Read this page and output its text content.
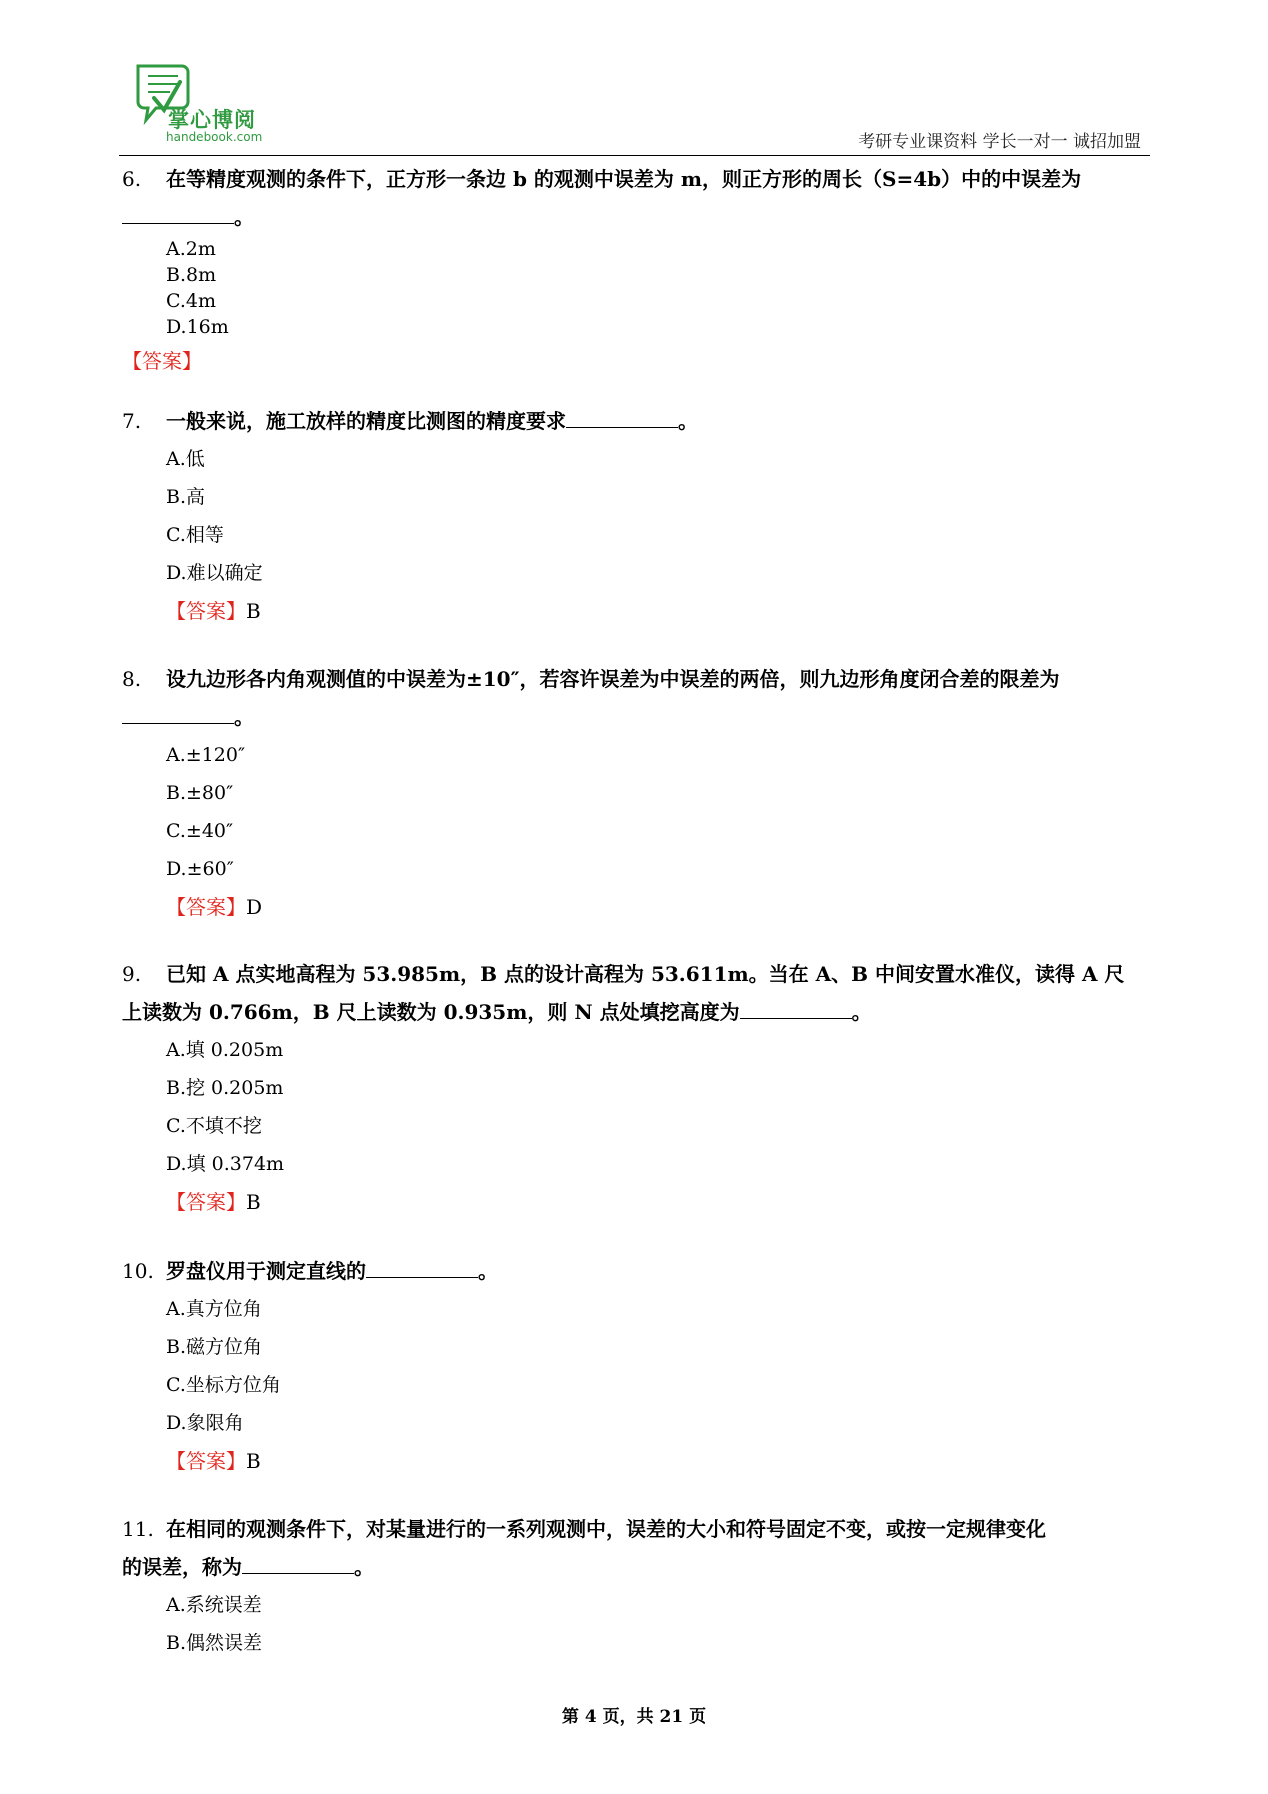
掌心博阅
handebook.com	考研专业课资料 学长一对一 诚招加盟
6. 在等精度观测的条件下，正方形一条边 b 的观测中误差为 m，则正方形的周长（S=4b）中的中误差为
。
A.2m
B.8m
C.4m
D.16m
【答案】
7. 一般来说，施工放样的精度比测图的精度要求	。
A.低
B.高
C.相等
D.难以确定
【答案】B
8. 设九边形各内角观测值的中误差为±10″，若容许误差为中误差的两倍，则九边形角度闭合差的限差为
。
A.±120″
B.±80″
C.±40″
D.±60″
【答案】D
9. 已知 A 点实地高程为 53.985m，B 点的设计高程为 53.611m。当在 A、B 中间安置水准仪，读得 A 尺
上读数为 0.766m，B 尺上读数为 0.935m，则 N 点处填挖高度为	。
A.填 0.205m
B.挖 0.205m
C.不填不挖
D.填 0.374m
【答案】B
10. 罗盘仪用于测定直线的	。
A.真方位角
B.磁方位角
C.坐标方位角
D.象限角
【答案】B
11. 在相同的观测条件下，对某量进行的一系列观测中，误差的大小和符号固定不变，或按一定规律变化
的误差，称为	。
A.系统误差
B.偶然误差
第 4 页，共 21 页
